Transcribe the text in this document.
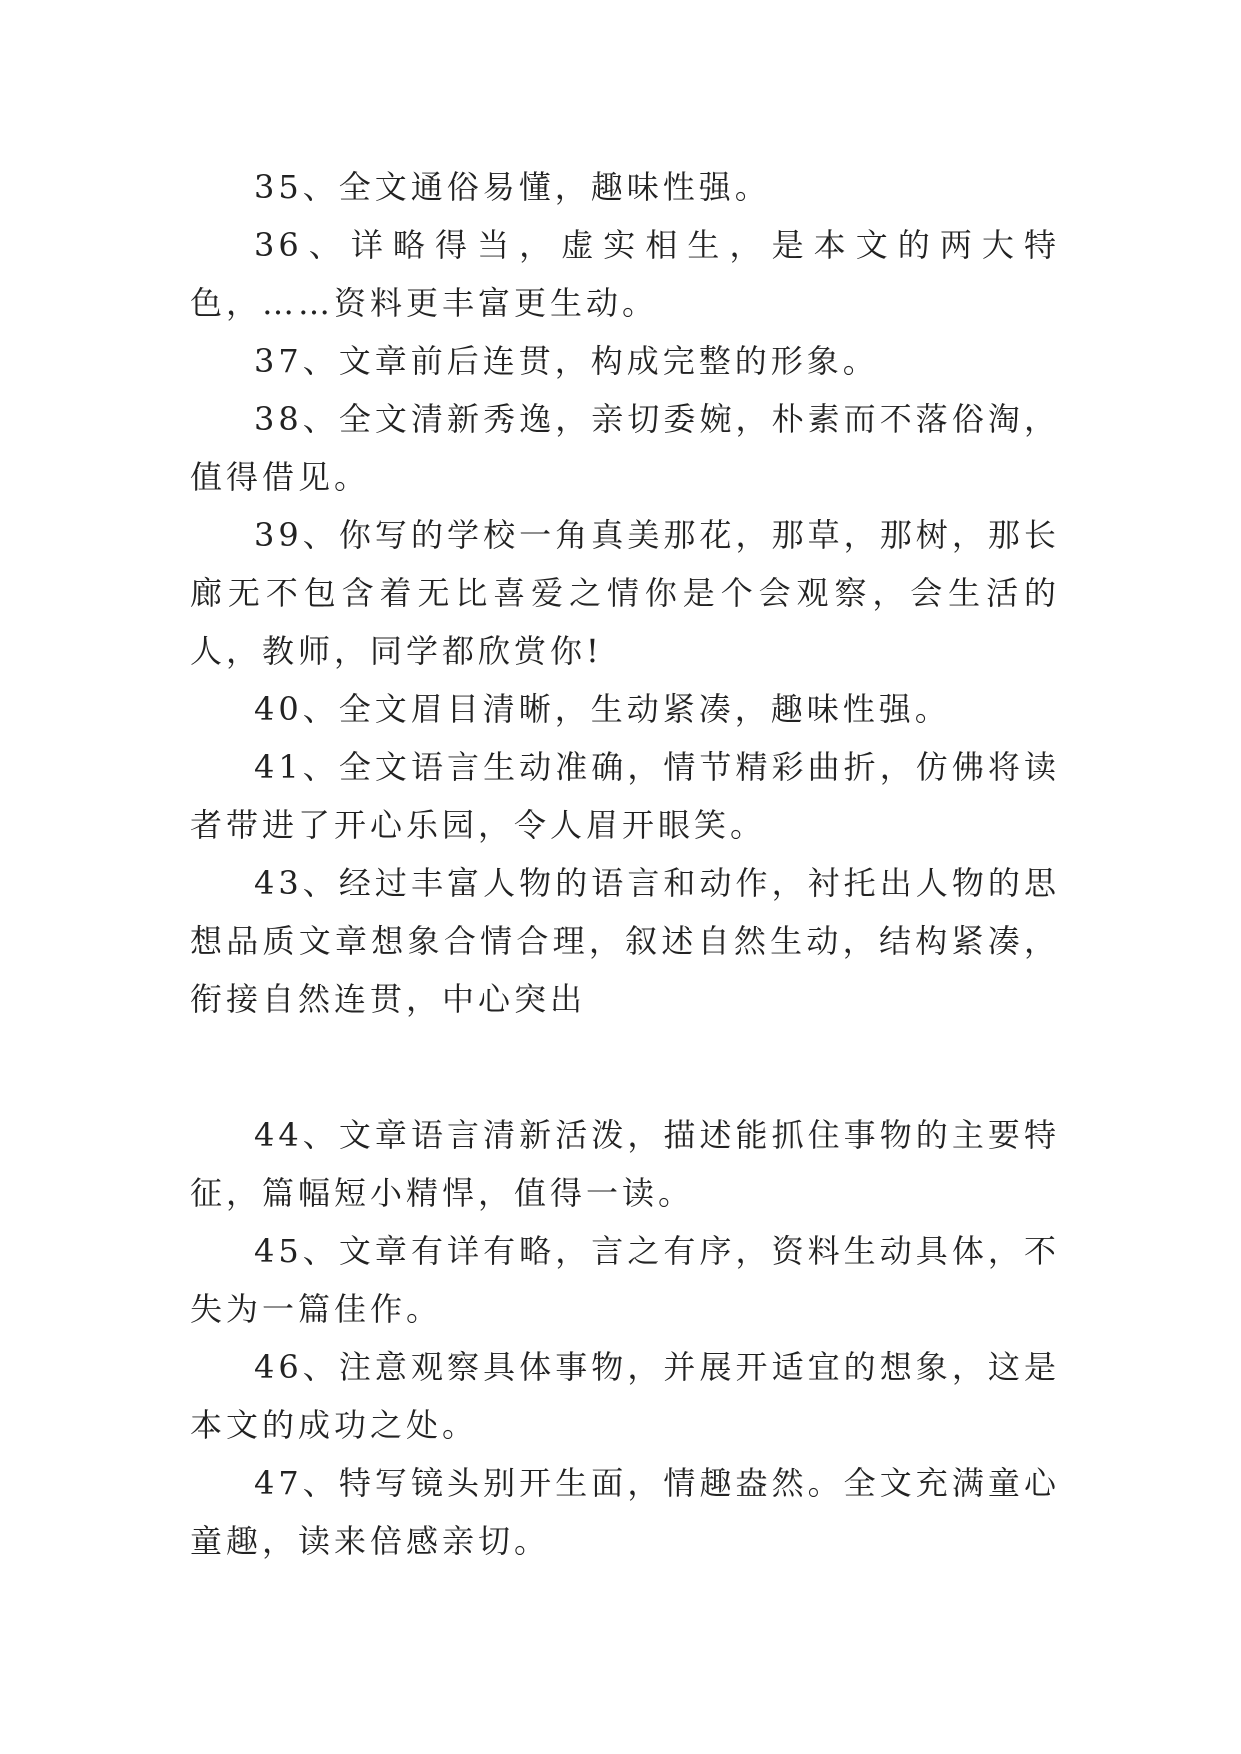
35、全文通俗易懂，趣味性强。

36、详略得当，虚实相生，是本文的两大特色，……资料更丰富更生动。

37、文章前后连贯，构成完整的形象。

38、全文清新秀逸，亲切委婉，朴素而不落俗淘，值得借见。

39、你写的学校一角真美那花，那草，那树，那长廊无不包含着无比喜爱之情你是个会观察，会生活的人，教师，同学都欣赏你!

40、全文眉目清晰，生动紧凑，趣味性强。

41、全文语言生动准确，情节精彩曲折，仿佛将读者带进了开心乐园，令人眉开眼笑。

43、经过丰富人物的语言和动作，衬托出人物的思想品质文章想象合情合理，叙述自然生动，结构紧凑，衔接自然连贯，中心突出

44、文章语言清新活泼，描述能抓住事物的主要特征，篇幅短小精悍，值得一读。

45、文章有详有略，言之有序，资料生动具体，不失为一篇佳作。

46、注意观察具体事物，并展开适宜的想象，这是本文的成功之处。

47、特写镜头别开生面，情趣盎然。全文充满童心童趣，读来倍感亲切。
